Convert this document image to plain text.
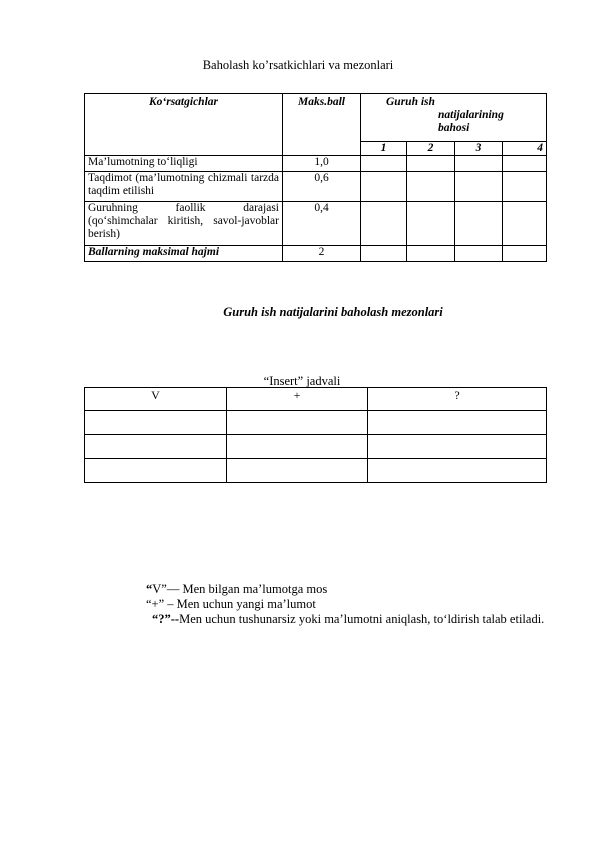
Baholash ko’rsatkichlari va mezonlari
Ko‘rsatgichlar	Maks.ball	Guruh ish
natijalarining
bahosi			

		1	2	3	4
Ma’lumotning to‘liqligi	1,0				
Taqdimot (ma’lumotning chizmali tarzda taqdim etilishi	0,6				
Guruhning faollik darajasi (qo‘shimchalar kiritish, savol-javoblar berish)	0,4				
Ballarning maksimal hajmi	2				
Guruh ish natijalarini baholash mezonlari
“Insert” jadvali
V	+	?

“V”— Men bilgan ma’lumotga mos
“+” – Men uchun yangi ma’lumot
“?”--Men uchun tushunarsiz yoki ma’lumotni aniqlash, to‘ldirish talab etiladi.
